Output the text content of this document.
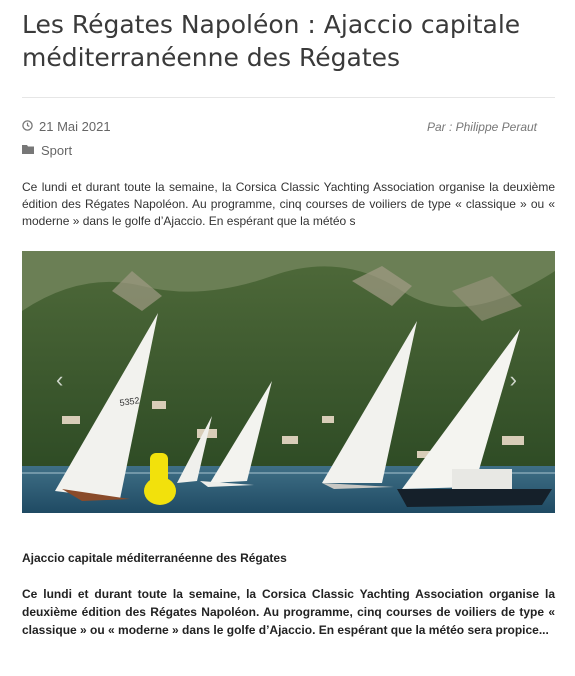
Les Régates Napoléon : Ajaccio capitale méditerranéenne des Régates
21 Mai 2021	Par : Philippe Peraut
Sport

Ce lundi et durant toute la semaine, la Corsica Classic Yachting Association organise la deuxième édition des Régates Napoléon. Au programme, cinq courses de voiliers de type « classique » ou « moderne » dans le golfe d’Ajaccio. En espérant que la météo s

5352
‹	›

Ajaccio capitale méditerranéenne des Régates

Ce lundi et durant toute la semaine, la Corsica Classic Yachting Association organise la deuxième édition des Régates Napoléon. Au programme, cinq courses de voiliers de type « classique » ou « moderne » dans le golfe d’Ajaccio. En espérant que la météo sera propice...
